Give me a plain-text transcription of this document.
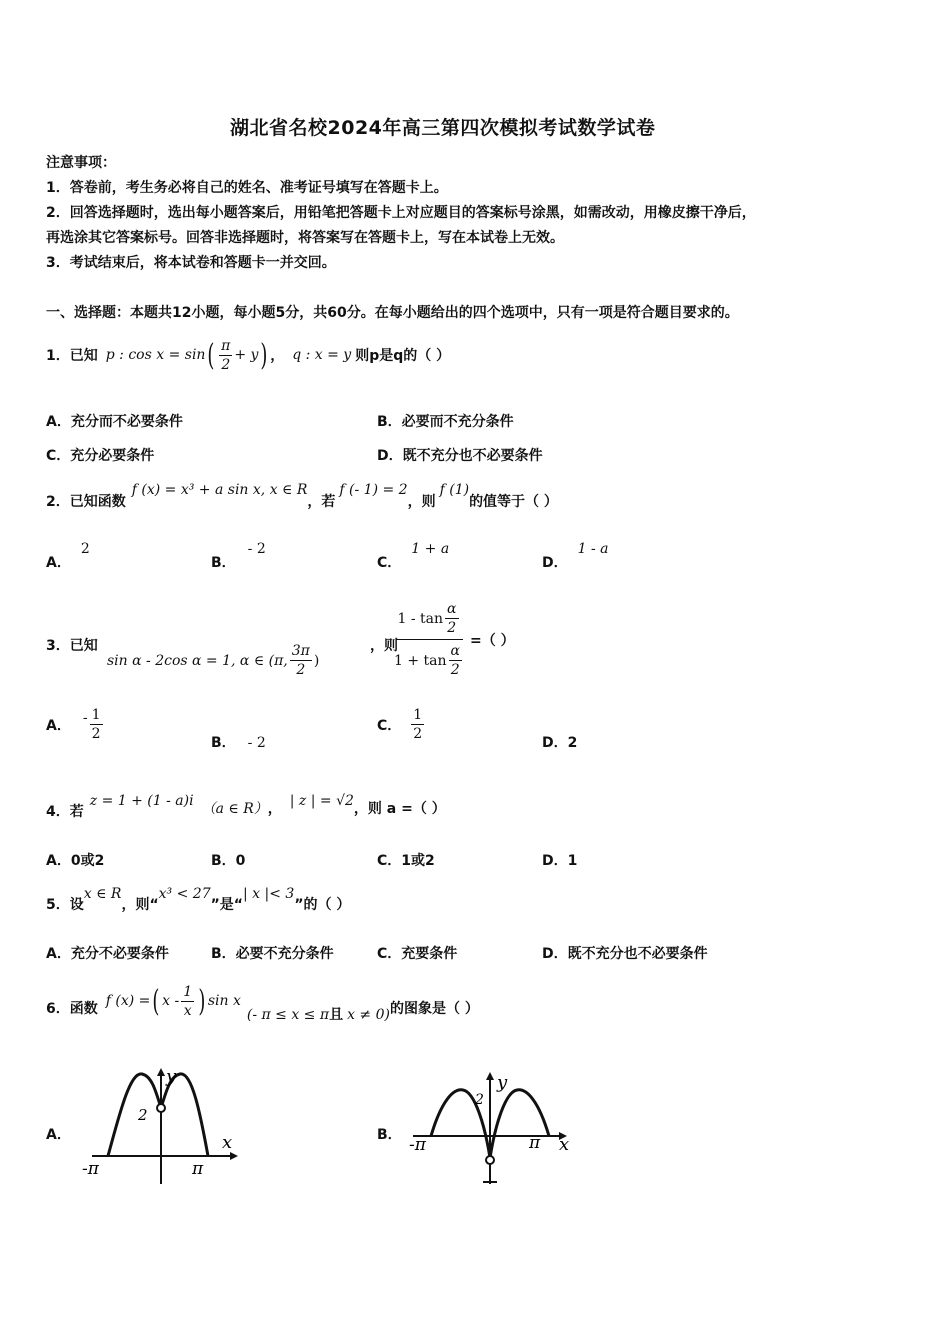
湖北省名校2024年高三第四次模拟考试数学试卷
注意事项：
1．答卷前，考生务必将自己的姓名、准考证号填写在答题卡上。
2．回答选择题时，选出每小题答案后，用铅笔把答题卡上对应题目的答案标号涂黑，如需改动，用橡皮擦干净后，
再选涂其它答案标号。回答非选择题时，将答案写在答题卡上，写在本试卷上无效。
3．考试结束后，将本试卷和答题卡一并交回。
一、选择题：本题共12小题，每小题5分，共60分。在每小题给出的四个选项中，只有一项是符合题目要求的。
1．已知 p : cos x = sin ( $\frac{\pi}{2} + y$ ) ， q : x = y 则p是q的（ ）
A．充分而不必要条件	B．必要而不充分条件
C．充分必要条件	D．既不充分也不必要条件
2．已知函数
f (x) = x³ + a sin x, x ∈ R
，若
f (- 1) = 2
，则
f (1)
的值等于（ ）
A．2
B．- 2
C．1 + a
D．1 - a
3．已知
sin α - 2cos α = 1, α ∈ (π, $\frac{3\pi}{2}$ )
，则
$\frac{1 - \tan \frac{\alpha}{2}}{1 + \tan \frac{\alpha}{2}}$ =（ ）
A． - $\frac{1}{2}$	B． - 2
C． $\frac{1}{2}$	D．2
4．若
z = 1 + (1 - a)i （a ∈ R） ， | z | = √2 ，则 a =（ ）
A．0或2	B．0	C．1或2	D．1
5．设
x ∈ R
，则“
x³ < 27
”是“
| x |< 3
”的（ ）
A．充分不必要条件	B．必要不充分条件	C．充要条件	D．既不充分也不必要条件
6．函数 f (x) = ( x - $\frac{1}{x}$ ) sin x
(- π ≤ x ≤ π 且 x ≠ 0) 的图象是（ ）
A．
y
2
x
-π	π
B．
y
2
x
-π	π
